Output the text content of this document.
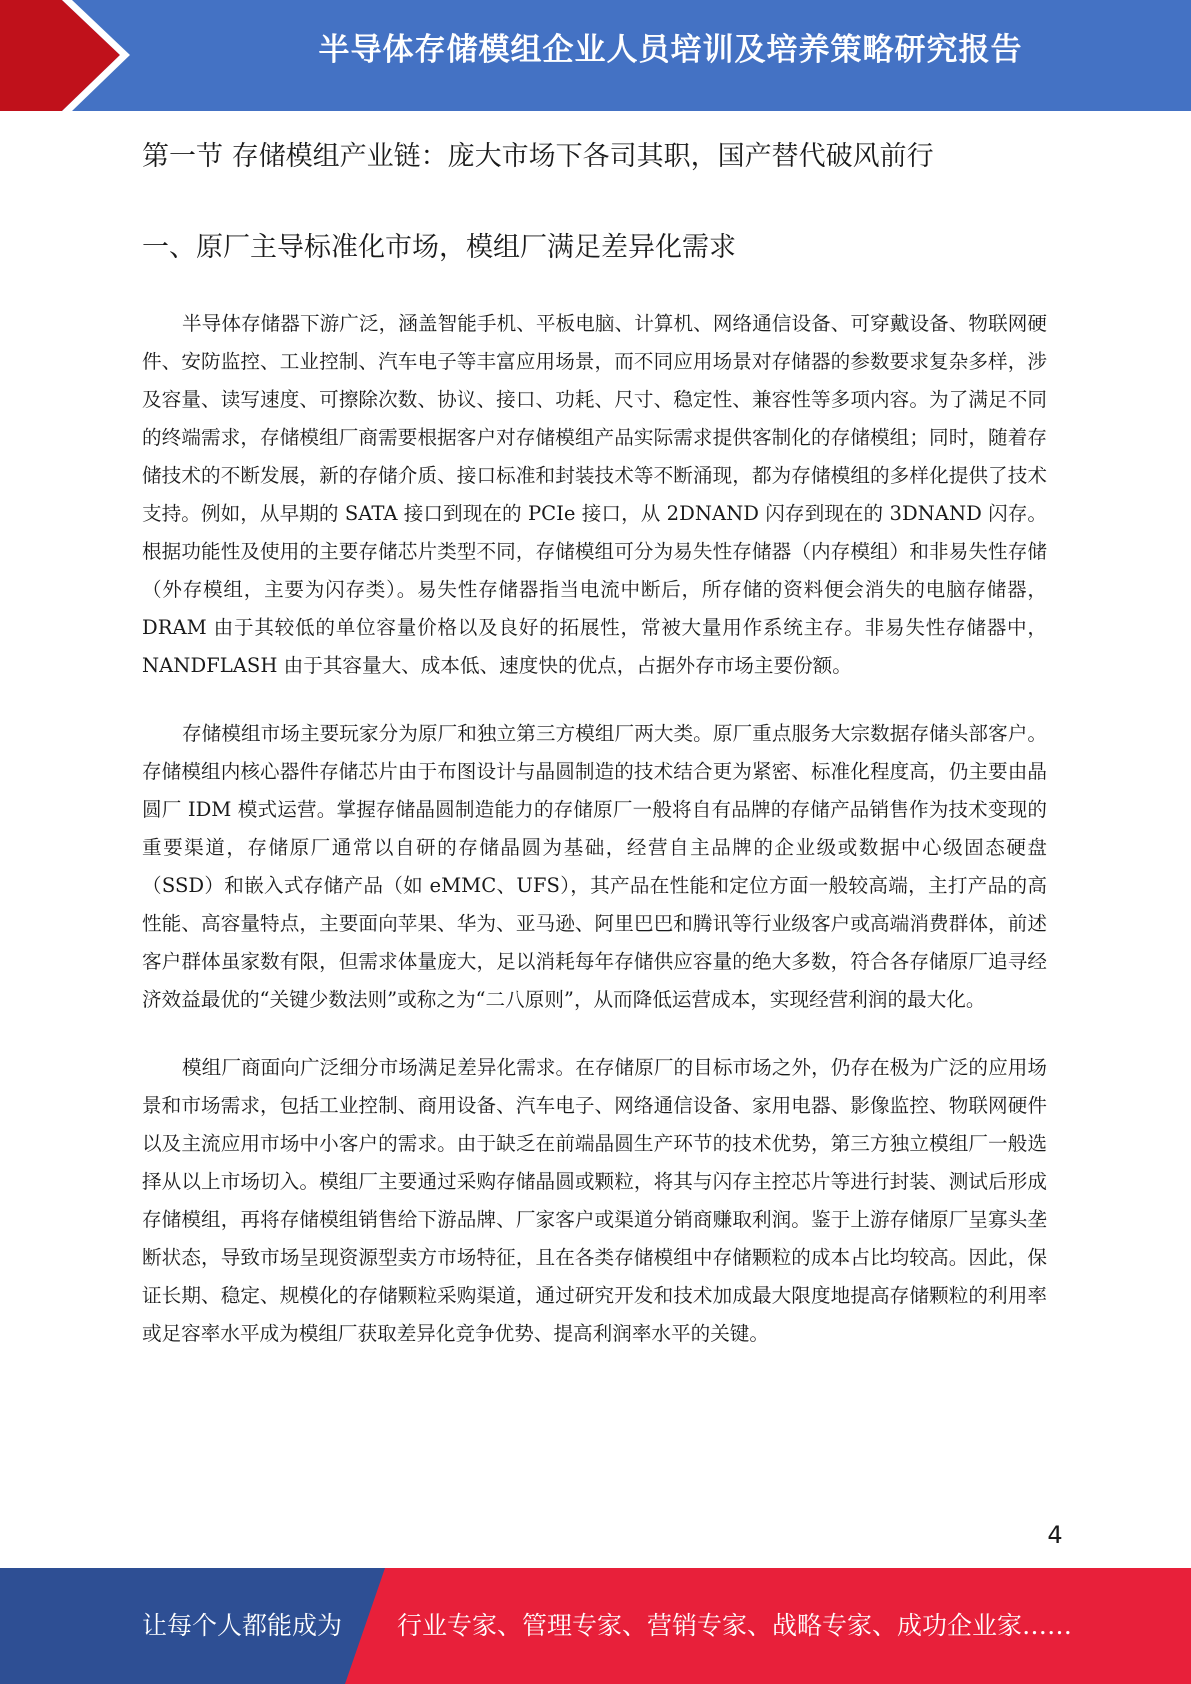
半导体存储模组企业人员培训及培养策略研究报告
第一节 存储模组产业链：庞大市场下各司其职，国产替代破风前行
一、原厂主导标准化市场，模组厂满足差异化需求

半导体存储器下游广泛，涵盖智能手机、平板电脑、计算机、网络通信设备、可穿戴设备、物联网硬件、安防监控、工业控制、汽车电子等丰富应用场景，而不同应用场景对存储器的参数要求复杂多样，涉及容量、读写速度、可擦除次数、协议、接口、功耗、尺寸、稳定性、兼容性等多项内容。为了满足不同的终端需求，存储模组厂商需要根据客户对存储模组产品实际需求提供客制化的存储模组；同时，随着存储技术的不断发展，新的存储介质、接口标准和封装技术等不断涌现，都为存储模组的多样化提供了技术支持。例如，从早期的 SATA 接口到现在的 PCIe 接口，从 2DNAND 闪存到现在的 3DNAND 闪存。根据功能性及使用的主要存储芯片类型不同，存储模组可分为易失性存储器（内存模组）和非易失性存储（外存模组，主要为闪存类）。易失性存储器指当电流中断后，所存储的资料便会消失的电脑存储器，DRAM 由于其较低的单位容量价格以及良好的拓展性，常被大量用作系统主存。非易失性存储器中，NANDFLASH 由于其容量大、成本低、速度快的优点，占据外存市场主要份额。

存储模组市场主要玩家分为原厂和独立第三方模组厂两大类。原厂重点服务大宗数据存储头部客户。存储模组内核心器件存储芯片由于布图设计与晶圆制造的技术结合更为紧密、标准化程度高，仍主要由晶圆厂 IDM 模式运营。掌握存储晶圆制造能力的存储原厂一般将自有品牌的存储产品销售作为技术变现的重要渠道，存储原厂通常以自研的存储晶圆为基础，经营自主品牌的企业级或数据中心级固态硬盘（SSD）和嵌入式存储产品（如 eMMC、UFS），其产品在性能和定位方面一般较高端，主打产品的高性能、高容量特点，主要面向苹果、华为、亚马逊、阿里巴巴和腾讯等行业级客户或高端消费群体，前述客户群体虽家数有限，但需求体量庞大，足以消耗每年存储供应容量的绝大多数，符合各存储原厂追寻经济效益最优的“关键少数法则”或称之为“二八原则”，从而降低运营成本，实现经营利润的最大化。

模组厂商面向广泛细分市场满足差异化需求。在存储原厂的目标市场之外，仍存在极为广泛的应用场景和市场需求，包括工业控制、商用设备、汽车电子、网络通信设备、家用电器、影像监控、物联网硬件以及主流应用市场中小客户的需求。由于缺乏在前端晶圆生产环节的技术优势，第三方独立模组厂一般选择从以上市场切入。模组厂主要通过采购存储晶圆或颗粒，将其与闪存主控芯片等进行封装、测试后形成存储模组，再将存储模组销售给下游品牌、厂家客户或渠道分销商赚取利润。鉴于上游存储原厂呈寡头垄断状态，导致市场呈现资源型卖方市场特征，且在各类存储模组中存储颗粒的成本占比均较高。因此，保证长期、稳定、规模化的存储颗粒采购渠道，通过研究开发和技术加成最大限度地提高存储颗粒的利用率或足容率水平成为模组厂获取差异化竞争优势、提高利润率水平的关键。

4
让每个人都能成为 行业专家、管理专家、营销专家、战略专家、成功企业家……
